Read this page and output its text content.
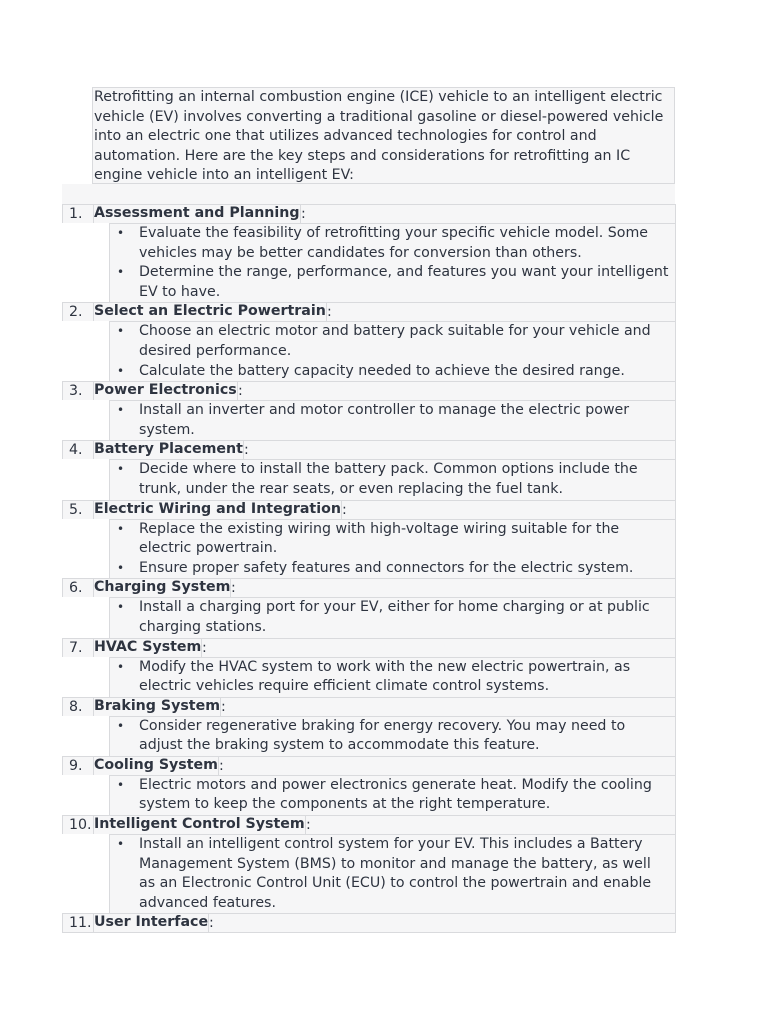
Retrofitting an internal combustion engine (ICE) vehicle to an intelligent electric vehicle (EV) involves converting a traditional gasoline or diesel-powered vehicle into an electric one that utilizes advanced technologies for control and automation. Here are the key steps and considerations for retrofitting an IC engine vehicle into an intelligent EV:
1. Assessment and Planning :
• Evaluate the feasibility of retrofitting your specific vehicle model. Some vehicles may be better candidates for conversion than others.
• Determine the range, performance, and features you want your intelligent EV to have.
2. Select an Electric Powertrain :
• Choose an electric motor and battery pack suitable for your vehicle and desired performance.
• Calculate the battery capacity needed to achieve the desired range.
3. Power Electronics :
• Install an inverter and motor controller to manage the electric power system.
4. Battery Placement :
• Decide where to install the battery pack. Common options include the trunk, under the rear seats, or even replacing the fuel tank.
5. Electric Wiring and Integration :
• Replace the existing wiring with high-voltage wiring suitable for the electric powertrain.
• Ensure proper safety features and connectors for the electric system.
6. Charging System :
• Install a charging port for your EV, either for home charging or at public charging stations.
7. HVAC System :
• Modify the HVAC system to work with the new electric powertrain, as electric vehicles require efficient climate control systems.
8. Braking System :
• Consider regenerative braking for energy recovery. You may need to adjust the braking system to accommodate this feature.
9. Cooling System :
• Electric motors and power electronics generate heat. Modify the cooling system to keep the components at the right temperature.
10. Intelligent Control System :
• Install an intelligent control system for your EV. This includes a Battery Management System (BMS) to monitor and manage the battery, as well as an Electronic Control Unit (ECU) to control the powertrain and enable advanced features.
11. User Interface :
